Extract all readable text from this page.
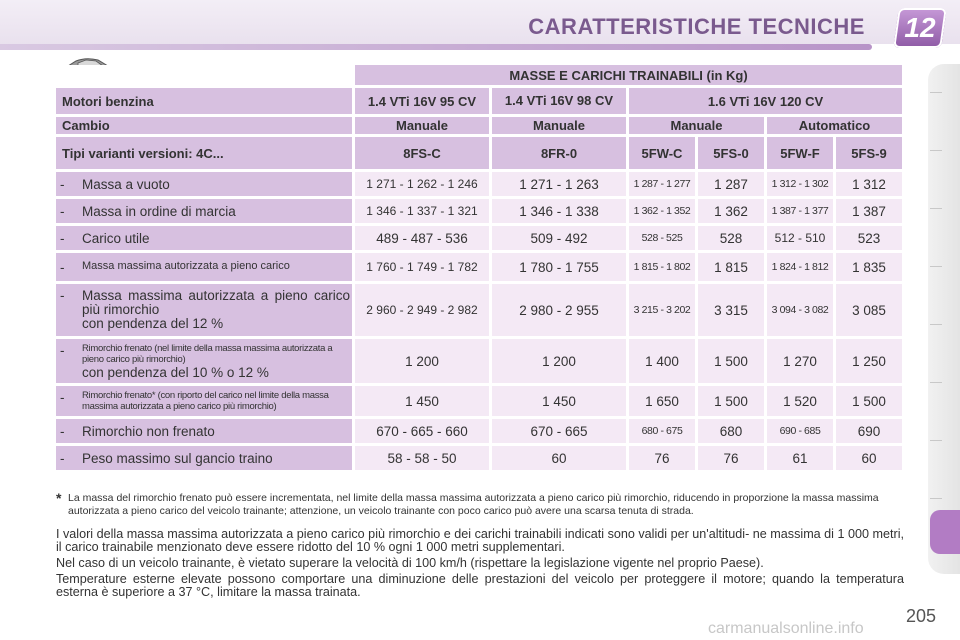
CARATTERISTICHE TECNICHE	12
	MASSE E CARICHI TRAINABILI (in Kg)					
Motori benzina	1.4 VTi 16V 95 CV	1.4 VTi 16V 98 CV	1.6 VTi 16V 120 CV			
Cambio	Manuale	Manuale	Manuale		Automatico	
Tipi varianti versioni: 4C...	8FS-C	8FR-0	5FW-C	5FS-0	5FW-F	5FS-9
- Massa a vuoto	1 271 - 1 262 - 1 246	1 271 - 1 263	1 287 - 1 277	1 287	1 312 - 1 302	1 312
- Massa in ordine di marcia	1 346 - 1 337 - 1 321	1 346 - 1 338	1 362 - 1 352	1 362	1 387 - 1 377	1 387
- Carico utile	489 - 487 - 536	509 - 492	528 - 525	528	512 - 510	523
- Massa massima autorizzata a pieno carico	1 760 - 1 749 - 1 782	1 780 - 1 755	1 815 - 1 802	1 815	1 824 - 1 812	1 835
- Massa massima autorizzata a pieno carico più rimorchio
con pendenza del 12 %	2 960 - 2 949 - 2 982	2 980 - 2 955	3 215 - 3 202	3 315	3 094 - 3 082	3 085
- Rimorchio frenato (nel limite della massa massima autorizzata a pieno carico più rimorchio)
con pendenza del 10 % o 12 %	1 200	1 200	1 400	1 500	1 270	1 250
- Rimorchio frenato* (con riporto del carico nel limite della massa massima autorizzata a pieno carico più rimorchio)	1 450	1 450	1 650	1 500	1 520	1 500
- Rimorchio non frenato	670 - 665 - 660	670 - 665	680 - 675	680	690 - 685	690
- Peso massimo sul gancio traino	58 - 58 - 50	60	76	76	61	60
* La massa del rimorchio frenato può essere incrementata, nel limite della massa massima autorizzata a pieno carico più rimorchio, riducendo in proporzione la massa massima autorizzata a pieno carico del veicolo trainante; attenzione, un veicolo trainante con poco carico può avere una scarsa tenuta di strada.
I valori della massa massima autorizzata a pieno carico più rimorchio e dei carichi trainabili indicati sono validi per un'altitudi- ne massima di 1 000 metri, il carico trainabile menzionato deve essere ridotto del 10 % ogni 1 000 metri supplementari.
Nel caso di un veicolo trainante, è vietato superare la velocità di 100 km/h (rispettare la legislazione vigente nel proprio Paese).
Temperature esterne elevate possono comportare una diminuzione delle prestazioni del veicolo per proteggere il motore; quando la temperatura esterna è superiore a 37 °C, limitare la massa trainata.
205
carmanualsonline.info
